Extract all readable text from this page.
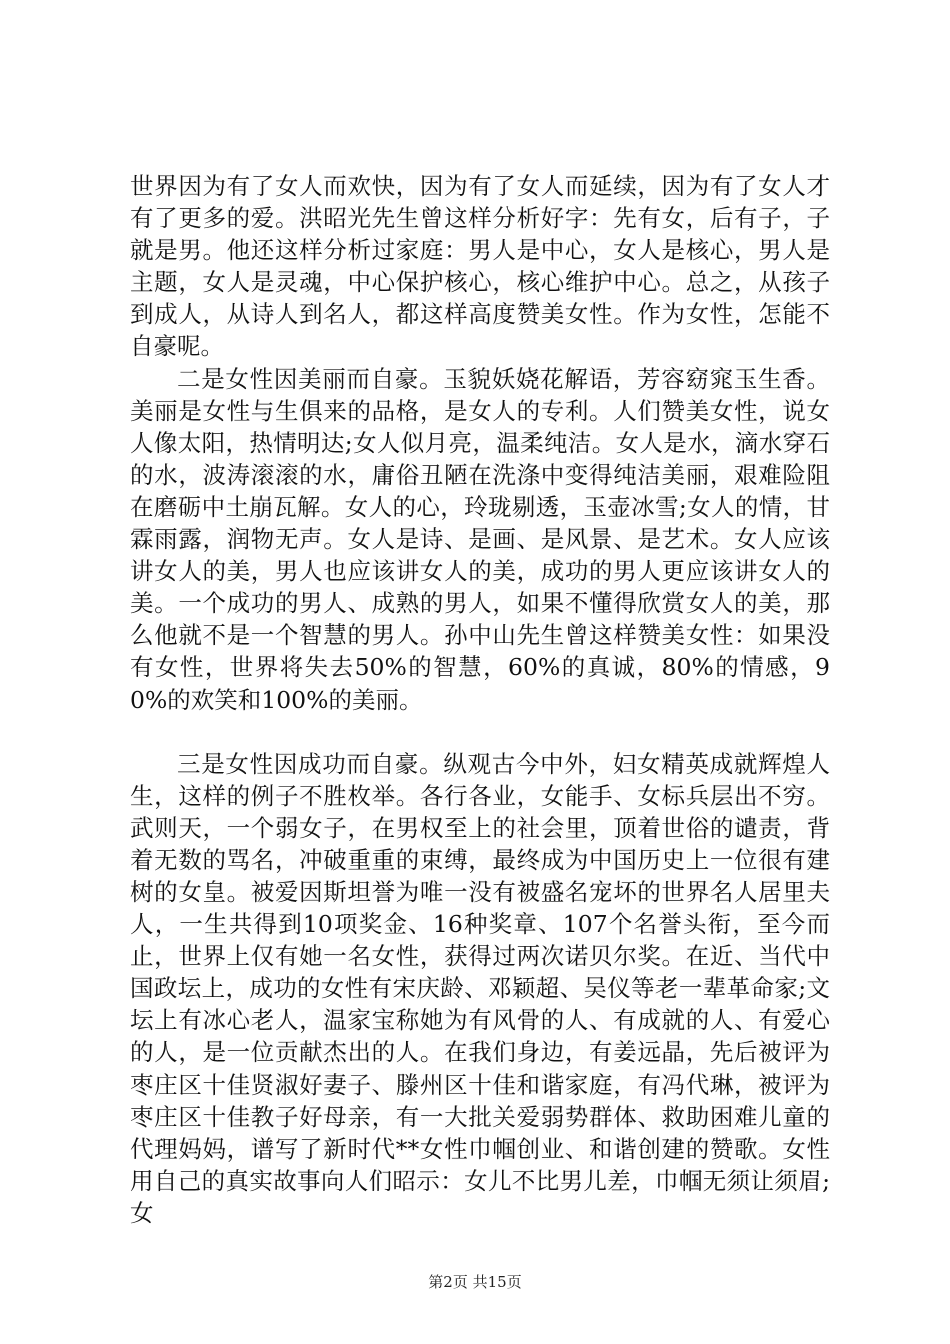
世界因为有了女人而欢快，因为有了女人而延续，因为有了女人才有了更多的爱。洪昭光先生曾这样分析好字：先有女，后有子，子就是男。他还这样分析过家庭：男人是中心，女人是核心，男人是主题，女人是灵魂，中心保护核心，核心维护中心。总之，从孩子到成人，从诗人到名人，都这样高度赞美女性。作为女性，怎能不自豪呢。

二是女性因美丽而自豪。玉貌妖娆花解语，芳容窈窕玉生香。美丽是女性与生俱来的品格，是女人的专利。人们赞美女性，说女人像太阳，热情明达;女人似月亮，温柔纯洁。女人是水，滴水穿石的水，波涛滚滚的水，庸俗丑陋在洗涤中变得纯洁美丽，艰难险阻在磨砺中土崩瓦解。女人的心，玲珑剔透，玉壶冰雪;女人的情，甘霖雨露，润物无声。女人是诗、是画、是风景、是艺术。女人应该讲女人的美，男人也应该讲女人的美，成功的男人更应该讲女人的美。一个成功的男人、成熟的男人，如果不懂得欣赏女人的美，那么他就不是一个智慧的男人。孙中山先生曾这样赞美女性：如果没有女性，世界将失去50%的智慧，60%的真诚，80%的情感，90%的欢笑和100%的美丽。

三是女性因成功而自豪。纵观古今中外，妇女精英成就辉煌人生，这样的例子不胜枚举。各行各业，女能手、女标兵层出不穷。武则天，一个弱女子，在男权至上的社会里，顶着世俗的谴责，背着无数的骂名，冲破重重的束缚，最终成为中国历史上一位很有建树的女皇。被爱因斯坦誉为唯一没有被盛名宠坏的世界名人居里夫人，一生共得到10项奖金、16种奖章、107个名誉头衔，至今而止，世界上仅有她一名女性，获得过两次诺贝尔奖。在近、当代中国政坛上，成功的女性有宋庆龄、邓颖超、吴仪等老一辈革命家;文坛上有冰心老人，温家宝称她为有风骨的人、有成就的人、有爱心的人，是一位贡献杰出的人。在我们身边，有姜远晶，先后被评为枣庄区十佳贤淑好妻子、滕州区十佳和谐家庭，有冯代琳，被评为枣庄区十佳教子好母亲，有一大批关爱弱势群体、救助困难儿童的代理妈妈，谱写了新时代**女性巾帼创业、和谐创建的赞歌。女性用自己的真实故事向人们昭示：女儿不比男儿差，巾帼无须让须眉;女

第2页 共15页
